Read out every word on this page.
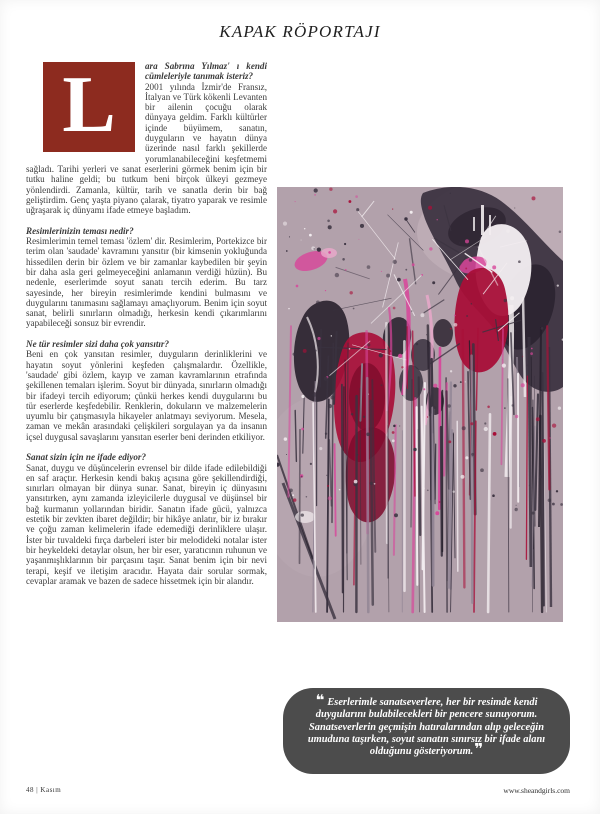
KAPAK RÖPORTAJI
L	ara Sabrına Yılmaz' ı kendi cümleleriyle tanımak isteriz?

2001 yılında İzmir'de Fransız, İtalyan ve Türk kökenli Levanten bir ailenin çocuğu olarak dünyaya geldim. Farklı kültürler içinde büyümem, sanatın, duyguların ve hayatın dünya üzerinde nasıl farklı şekillerde yorumlanabileceğini keşfetmemi sağladı. Tarihi yerleri ve sanat eserlerini görmek benim için bir tutku haline geldi; bu tutkum beni birçok ülkeyi gezmeye yönlendirdi. Zamanla, kültür, tarih ve sanatla derin bir bağ geliştirdim. Genç yaşta piyano çalarak, tiyatro yaparak ve resimle uğraşarak iç dünyamı ifade etmeye başladım.

Resimlerinizin teması nedir?

Resimlerimin temel teması 'özlem' dir. Resimlerim, Portekizce bir terim olan 'saudade' kavramını yansıtır (bir kimsenin yokluğunda hissedilen derin bir özlem ve bir zamanlar kaybedilen bir şeyin bir daha asla geri gelmeyeceğini anlamanın verdiği hüzün). Bu nedenle, eserlerimde soyut sanatı tercih ederim. Bu tarz sayesinde, her bireyin resimlerimde kendini bulmasını ve duygularını tanımasını sağlamayı amaçlıyorum. Benim için soyut sanat, belirli sınırların olmadığı, herkesin kendi çıkarımlarını yapabileceği sonsuz bir evrendir.

Ne tür resimler sizi daha çok yansıtır?

Beni en çok yansıtan resimler, duyguların derinliklerini ve hayatın soyut yönlerini keşfeden çalışmalardır. Özellikle, 'saudade' gibi özlem, kayıp ve zaman kavramlarının etrafında şekillenen temaları işlerim. Soyut bir dünyada, sınırların olmadığı bir ifadeyi tercih ediyorum; çünkü herkes kendi duygularını bu tür eserlerde keşfedebilir. Renklerin, dokuların ve malzemelerin uyumlu bir çatışmasıyla hikayeler anlatmayı seviyorum. Mesela, zaman ve mekân arasındaki çelişkileri sorgulayan ya da insanın içsel duygusal savaşlarını yansıtan eserler beni derinden etkiliyor.

Sanat sizin için ne ifade ediyor?

Sanat, duygu ve düşüncelerin evrensel bir dilde ifade edilebildiği en saf araçtır. Herkesin kendi bakış açısına göre şekillendirdiği, sınırları olmayan bir dünya sunar. Sanat, bireyin iç dünyasını yansıtırken, aynı zamanda izleyicilerle duygusal ve düşünsel bir bağ kurmanın yollarından biridir. Sanatın ifade gücü, yalnızca estetik bir zevkten ibaret değildir; bir hikâye anlatır, bir iz bırakır ve çoğu zaman kelimelerin ifade edemediği derinliklere ulaşır. İster bir tuvaldeki fırça darbeleri ister bir melodideki notalar ister bir heykeldeki detaylar olsun, her bir eser, yaratıcının ruhunun ve yaşanmışlıklarının bir parçasını taşır. Sanat benim için bir nevi terapi, keşif ve iletişim aracıdır. Hayata dair sorular sormak, cevaplar aramak ve bazen de sadece hissetmek için bir alandır.

❝ Eserlerimle sanatseverlere, her bir resimde kendi duygularını bulabilecekleri bir pencere sunuyorum. Sanatseverlerin geçmişin hatıralarından alıp geleceğin umuduna taşırken, soyut sanatın sınırsız bir ifade alanı olduğunu gösteriyorum.❞
48 | Kasım	www.sheandgirls.com
